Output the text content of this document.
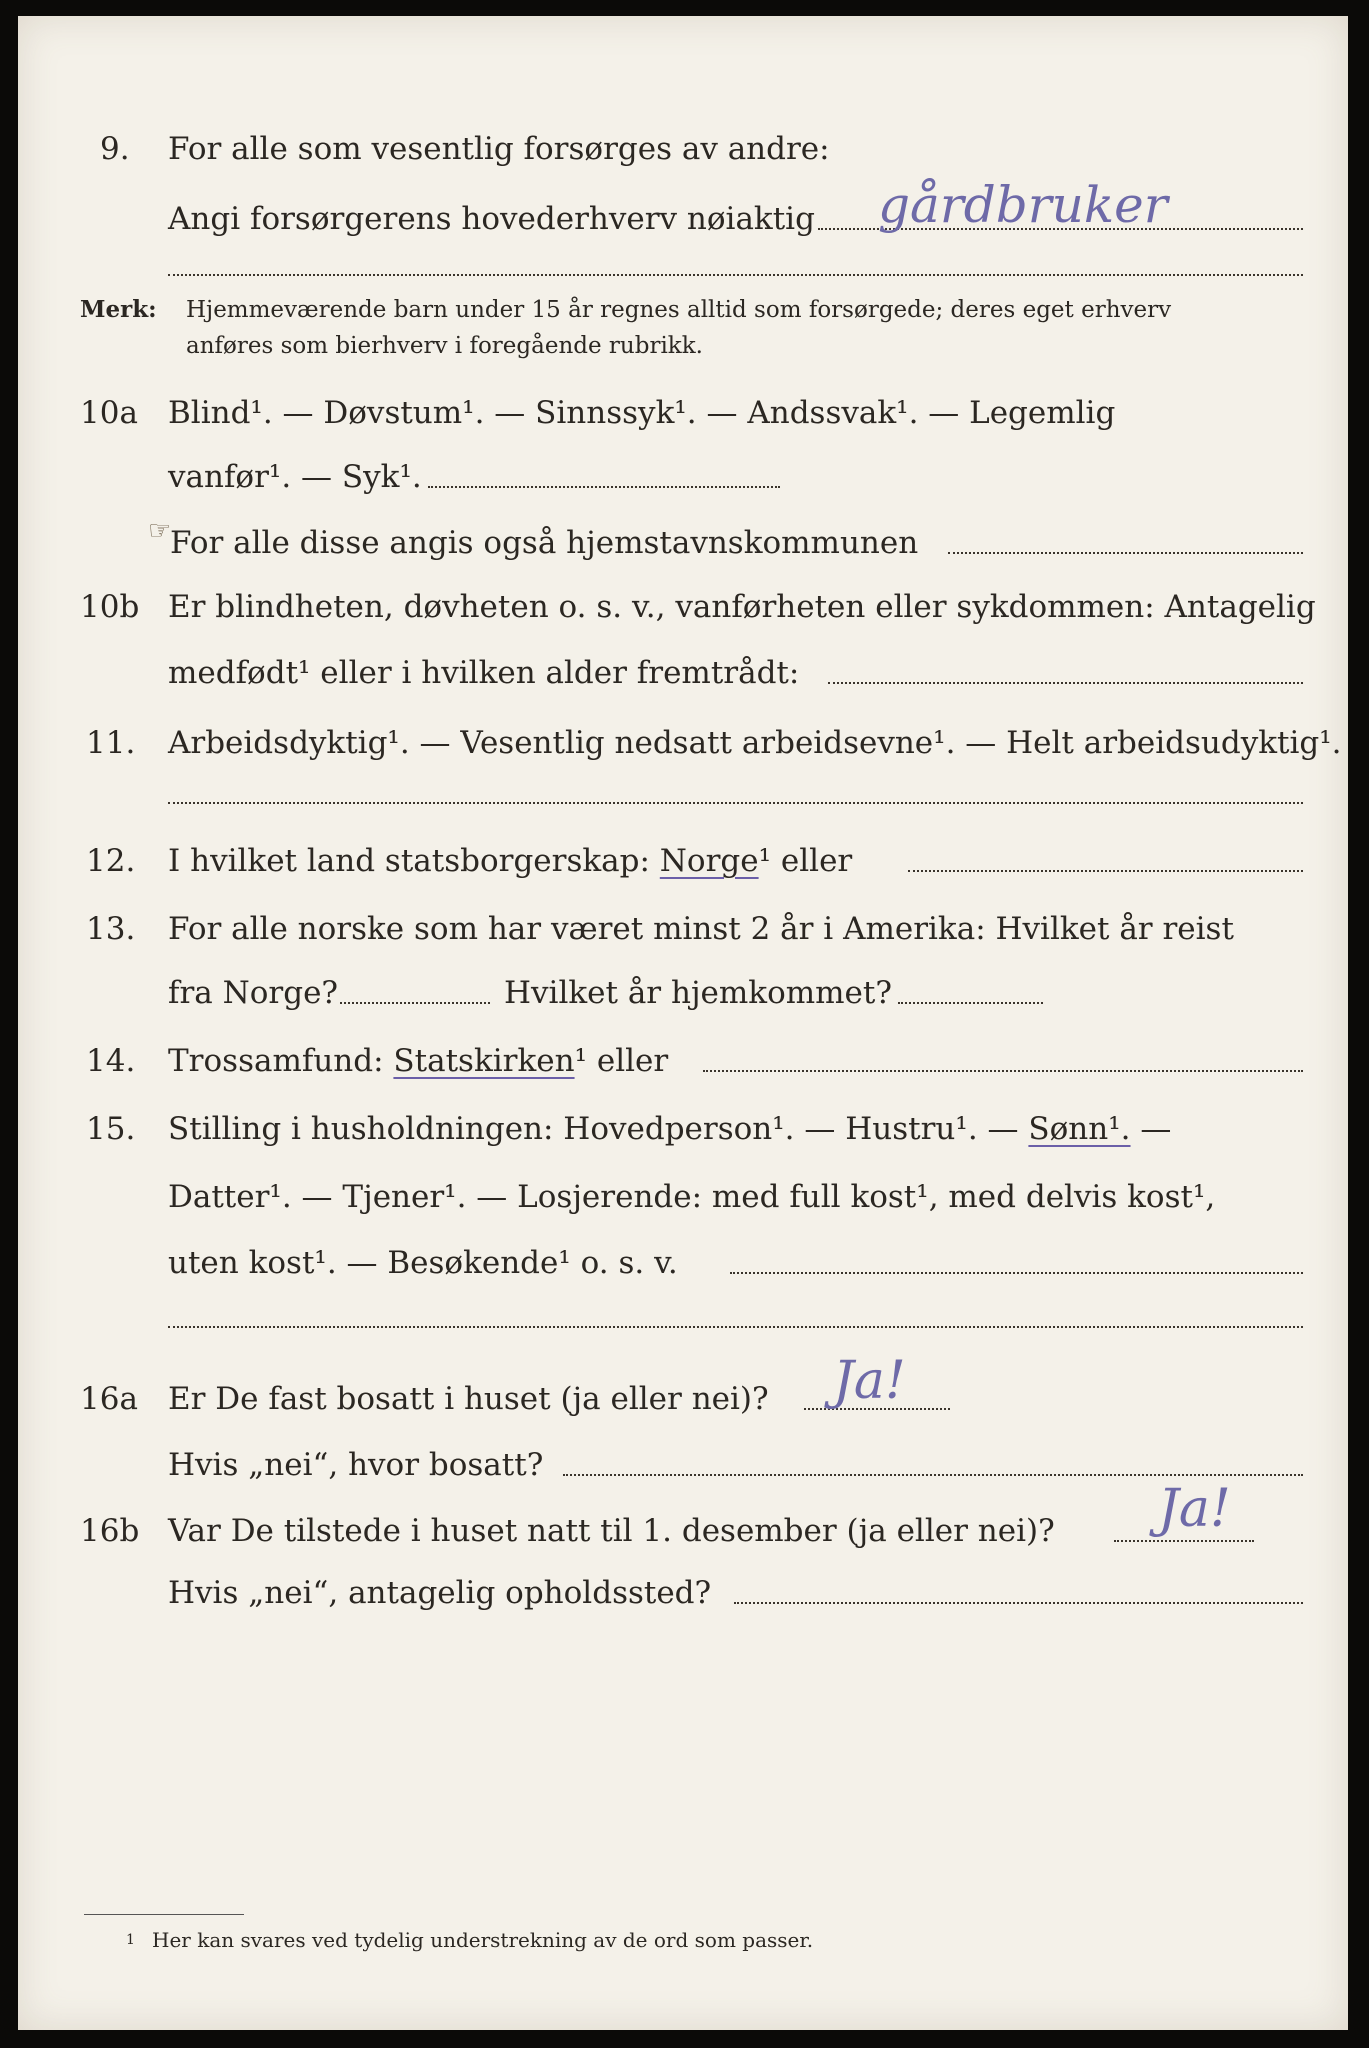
9. For alle som vesentlig forsørges av andre:
Angi forsørgerens hovederhverv nøiaktig gårdbruker
Merk: Hjemmeværende barn under 15 år regnes alltid som forsørgede; deres eget erhverv
anføres som bierhverv i foregående rubrikk.
10a Blind¹. — Døvstum¹. — Sinnssyk¹. — Andssvak¹. — Legemlig
vanfør¹. — Syk¹.
☞
For alle disse angis også hjemstavnskommunen
10b Er blindheten, døvheten o. s. v., vanførheten eller sykdommen: Antagelig
medfødt¹ eller i hvilken alder fremtrådt:
11. Arbeidsdyktig¹. — Vesentlig nedsatt arbeidsevne¹. — Helt arbeidsudyktig¹.
12. I hvilket land statsborgerskap: Norge¹ eller
13. For alle norske som har været minst 2 år i Amerika: Hvilket år reist
fra Norge?	Hvilket år hjemkommet?
14. Trossamfund: Statskirken¹ eller
15. Stilling i husholdningen: Hovedperson¹. — Hustru¹. — Sønn¹. —
Datter¹. — Tjener¹. — Losjerende: med full kost¹, med delvis kost¹,
uten kost¹. — Besøkende¹ o. s. v.
16a Er De fast bosatt i huset (ja eller nei)? Ja!
Hvis „nei“, hvor bosatt?
16b Var De tilstede i huset natt til 1. desember (ja eller nei)? Ja!
Hvis „nei“, antagelig opholdssted?
1 Her kan svares ved tydelig understrekning av de ord som passer.
